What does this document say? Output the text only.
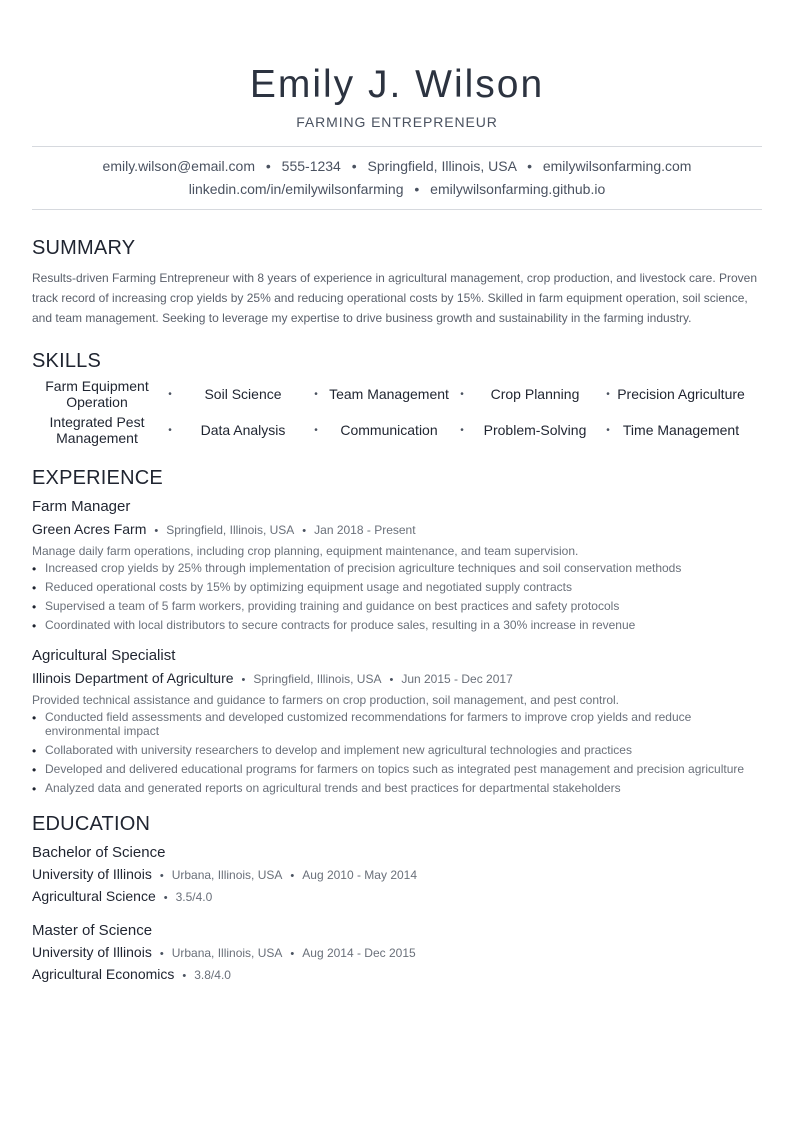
Emily J. Wilson
FARMING ENTREPRENEUR
emily.wilson@email.com • 555-1234 • Springfield, Illinois, USA • emilywilsonfarming.com
linkedin.com/in/emilywilsonfarming • emilywilsonfarming.github.io
SUMMARY
Results-driven Farming Entrepreneur with 8 years of experience in agricultural management, crop production, and livestock care. Proven track record of increasing crop yields by 25% and reducing operational costs by 15%. Skilled in farm equipment operation, soil science, and team management. Seeking to leverage my expertise to drive business growth and sustainability in the farming industry.
SKILLS
Farm Equipment Operation	•	Soil Science	• Team Management	•	Crop Planning	• Precision Agriculture
Integrated Pest Management	•	Data Analysis	•	Communication	•	Problem-Solving	• Time Management
EXPERIENCE
Farm Manager
Green Acres Farm • Springfield, Illinois, USA • Jan 2018 - Present
Manage daily farm operations, including crop planning, equipment maintenance, and team supervision.
• Increased crop yields by 25% through implementation of precision agriculture techniques and soil conservation methods
• Reduced operational costs by 15% by optimizing equipment usage and negotiated supply contracts
• Supervised a team of 5 farm workers, providing training and guidance on best practices and safety protocols
• Coordinated with local distributors to secure contracts for produce sales, resulting in a 30% increase in revenue
Agricultural Specialist
Illinois Department of Agriculture • Springfield, Illinois, USA • Jun 2015 - Dec 2017
Provided technical assistance and guidance to farmers on crop production, soil management, and pest control.
• Conducted field assessments and developed customized recommendations for farmers to improve crop yields and reduce environmental impact
• Collaborated with university researchers to develop and implement new agricultural technologies and practices
• Developed and delivered educational programs for farmers on topics such as integrated pest management and precision agriculture
• Analyzed data and generated reports on agricultural trends and best practices for departmental stakeholders
EDUCATION
Bachelor of Science
University of Illinois • Urbana, Illinois, USA • Aug 2010 - May 2014
Agricultural Science • 3.5/4.0
Master of Science
University of Illinois • Urbana, Illinois, USA • Aug 2014 - Dec 2015
Agricultural Economics • 3.8/4.0
